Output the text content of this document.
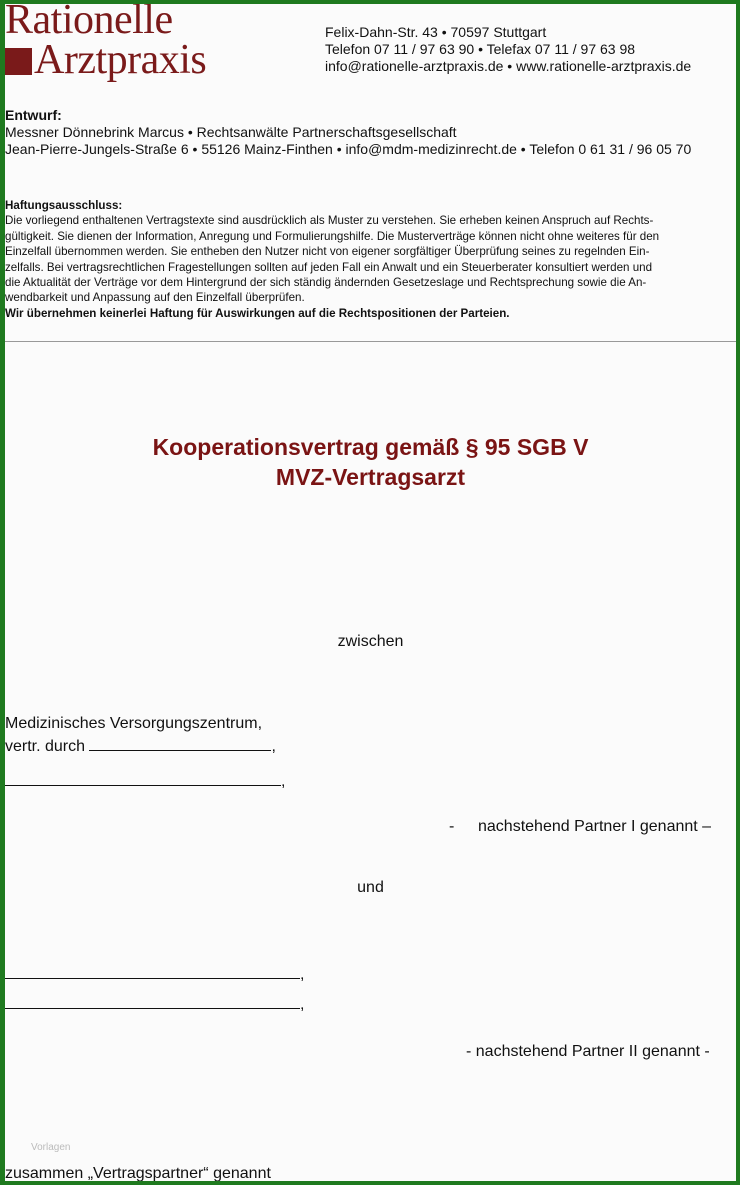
Rationelle
Arztpraxis
Felix-Dahn-Str. 43 • 70597 Stuttgart
Telefon 07 11 / 97 63 90 • Telefax 07 11 / 97 63 98
info@rationelle-arztpraxis.de • www.rationelle-arztpraxis.de
Entwurf:
Messner Dönnebrink Marcus • Rechtsanwälte Partnerschaftsgesellschaft
Jean-Pierre-Jungels-Straße 6 • 55126 Mainz-Finthen • info@mdm-medizinrecht.de • Telefon 0 61 31 / 96 05 70
Haftungsausschluss:
Die vorliegend enthaltenen Vertragstexte sind ausdrücklich als Muster zu verstehen. Sie erheben keinen Anspruch auf Rechts-
gültigkeit. Sie dienen der Information, Anregung und Formulierungshilfe. Die Musterverträge können nicht ohne weiteres für den
Einzelfall übernommen werden. Sie entheben den Nutzer nicht von eigener sorgfältiger Überprüfung seines zu regelnden Ein-
zelfalls. Bei vertragsrechtlichen Fragestellungen sollten auf jeden Fall ein Anwalt und ein Steuerberater konsultiert werden und
die Aktualität der Verträge vor dem Hintergrund der sich ständig ändernden Gesetzeslage und Rechtsprechung sowie die An-
wendbarkeit und Anpassung auf den Einzelfall überprüfen.
Wir übernehmen keinerlei Haftung für Auswirkungen auf die Rechtspositionen der Parteien.
Kooperationsvertrag gemäß § 95 SGB V
MVZ-Vertragsarzt
zwischen
Medizinisches Versorgungszentrum,
vertr. durch	,
,
- nachstehend Partner I genannt –
und
,
,
- nachstehend Partner II genannt -
Vorlagen
zusammen „Vertragspartner“ genannt
